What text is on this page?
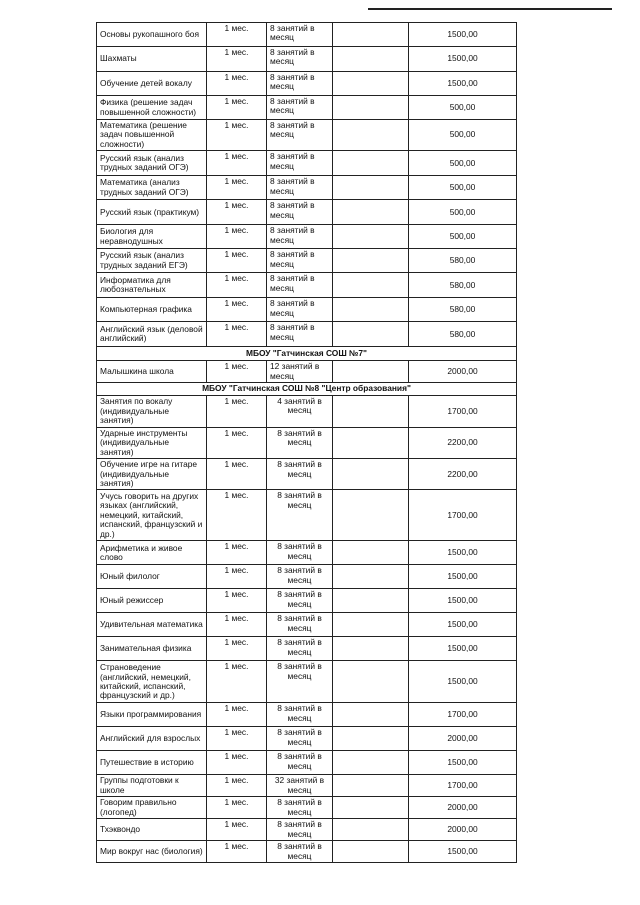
Основы рукопашного боя	1 мес.	8 занятий в месяц		1500,00
Шахматы	1 мес.	8 занятий в месяц		1500,00
Обучение детей вокалу	1 мес.	8 занятий в месяц		1500,00
Физика (решение задач повышенной сложности)	1 мес.	8 занятий в месяц		500,00
Математика (решение задач повышенной сложности)	1 мес.	8 занятий в месяц		500,00
Русский язык (анализ трудных заданий ОГЭ)	1 мес.	8 занятий в месяц		500,00
Математика (анализ трудных заданий ОГЭ)	1 мес.	8 занятий в месяц		500,00
Русский язык (практикум)	1 мес.	8 занятий в месяц		500,00
Биология для неравнодушных	1 мес.	8 занятий в месяц		500,00
Русский язык (анализ трудных заданий ЕГЭ)	1 мес.	8 занятий в месяц		580,00
Информатика для любознательных	1 мес.	8 занятий в месяц		580,00
Компьютерная графика	1 мес.	8 занятий в месяц		580,00
Английский язык (деловой английский)	1 мес.	8 занятий в месяц		580,00
МБОУ "Гатчинская СОШ №7"				
Малышкина школа	1 мес.	12 занятий в месяц		2000,00
МБОУ "Гатчинская СОШ №8 "Центр образования"				
Занятия по вокалу (индивидуальные занятия)	1 мес.	4 занятий в месяц		1700,00
Ударные инструменты (индивидуальные занятия)	1 мес.	8 занятий в месяц		2200,00
Обучение игре на гитаре (индивидуальные занятия)	1 мес.	8 занятий в месяц		2200,00
Учусь говорить на других языках (английский, немецкий, китайский, испанский, французский и др.)	1 мес.	8 занятий в месяц		1700,00
Арифметика и живое слово	1 мес.	8 занятий в месяц		1500,00
Юный филолог	1 мес.	8 занятий в месяц		1500,00
Юный режиссер	1 мес.	8 занятий в месяц		1500,00
Удивительная математика	1 мес.	8 занятий в месяц		1500,00
Занимательная физика	1 мес.	8 занятий в месяц		1500,00
Страноведение (английский, немецкий, китайский, испанский, французский и др.)	1 мес.	8 занятий в месяц		1500,00
Языки программирования	1 мес.	8 занятий в месяц		1700,00
Английский для взрослых	1 мес.	8 занятий в месяц		2000,00
Путешествие в историю	1 мес.	8 занятий в месяц		1500,00
Группы подготовки к школе	1 мес.	32 занятий в месяц		1700,00
Говорим правильно (логопед)	1 мес.	8 занятий в месяц		2000,00
Тхэквондо	1 мес.	8 занятий в месяц		2000,00
Мир вокруг нас (биология)	1 мес.	8 занятий в месяц		1500,00
